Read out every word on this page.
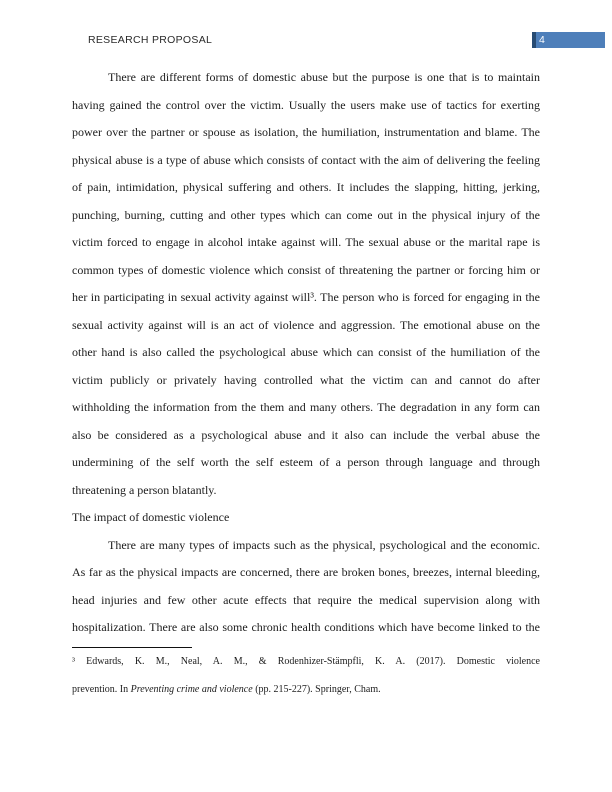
RESEARCH PROPOSAL	4
There are different forms of domestic abuse but the purpose is one that is to maintain
having gained the control over the victim. Usually the users make use of tactics for exerting
power over the partner or spouse as isolation, the humiliation, instrumentation and blame. The
physical abuse is a type of abuse which consists of contact with the aim of delivering the feeling
of pain, intimidation, physical suffering and others. It includes the slapping, hitting, jerking,
punching, burning, cutting and other types which can come out in the physical injury of the
victim forced to engage in alcohol intake against will. The sexual abuse or the marital rape is
common types of domestic violence which consist of threatening the partner or forcing him or
her in participating in sexual activity against will³. The person who is forced for engaging in the
sexual activity against will is an act of violence and aggression. The emotional abuse on the
other hand is also called the psychological abuse which can consist of the humiliation of the
victim publicly or privately having controlled what the victim can and cannot do after
withholding the information from the them and many others. The degradation in any form can
also be considered as a psychological abuse and it also can include the verbal abuse the
undermining of the self worth the self esteem of a person through language and through
threatening a person blatantly.
The impact of domestic violence
There are many types of impacts such as the physical, psychological and the economic.
As far as the physical impacts are concerned, there are broken bones, breezes, internal bleeding,
head injuries and few other acute effects that require the medical supervision along with
hospitalization. There are also some chronic health conditions which have become linked to the
³ Edwards, K. M., Neal, A. M., & Rodenhizer-Stämpfli, K. A. (2017). Domestic violence
prevention. In Preventing crime and violence (pp. 215-227). Springer, Cham.
